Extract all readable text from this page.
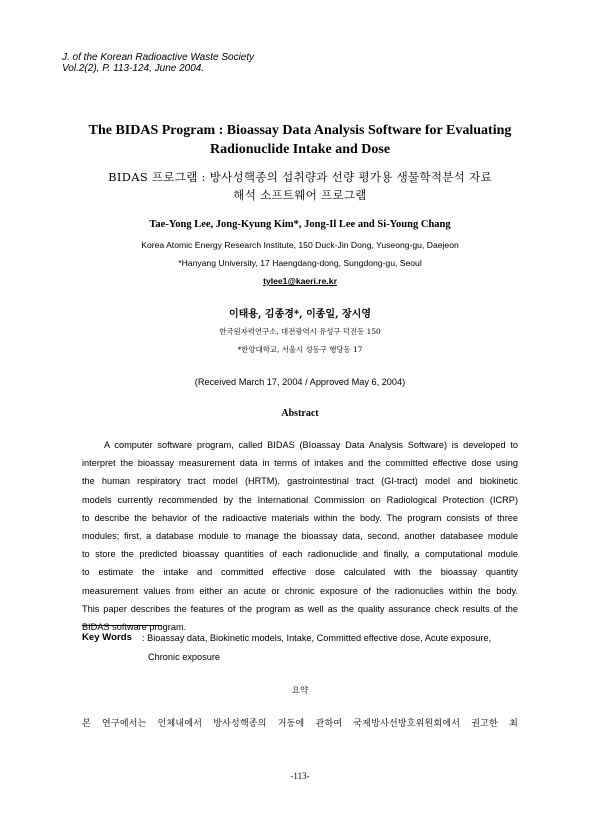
J. of the Korean Radioactive Waste Society
Vol.2(2), P. 113-124, June 2004.
The BIDAS Program : Bioassay Data Analysis Software for Evaluating
Radionuclide Intake and Dose
BIDAS 프로그램 : 방사성핵종의 섭취량과 선량 평가용 생물학적분석 자료
해석 소프트웨어 프로그램
Tae-Yong Lee, Jong-Kyung Kim*, Jong-Il Lee and Si-Young Chang
Korea Atomic Energy Research Institute, 150 Duck-Jin Dong, Yuseong-gu, Daejeon
*Hanyang University, 17 Haengdang-dong, Sungdong-gu, Seoul
tylee1@kaeri.re.kr
이태용, 김종경*, 이종일, 장시영
한국원자력연구소, 대전광역시 유성구 덕진동 150
*한양대학교, 서울시 성동구 행당동 17
(Received March 17, 2004 / Approved May 6, 2004)
Abstract
A computer software program, called BIDAS (BIoassay Data Analysis Software) is developed to
interpret the bioassay measurement data in terms of intakes and the committed effective dose using
the human respiratory tract model (HRTM), gastrointestinal tract (GI-tract) model and biokinetic
models currently recommended by the International Commission on Radiological Protection (ICRP)
to describe the behavior of the radioactive materials within the body. The program consists of three
modules; first, a database module to manage the bioassay data, second, another databasee module
to store the predicted bioassay quantities of each radionuclide and finally, a computational module
to estimate the intake and committed effective dose calculated with the bioassay quantity
measurement values from either an acute or chronic exposure of the radionuclies within the body.
This paper describes the features of the program as well as the quality assurance check results of the
BIDAS software program.
Key Words : Bioassay data, Biokinetic models, Intake, Committed effective dose, Acute exposure,
Chronic exposure
요약
본 연구에서는 인체내에서 방사성핵종의 거동에 관하여 국제방사선방호위원회에서 권고한 최
-113-
